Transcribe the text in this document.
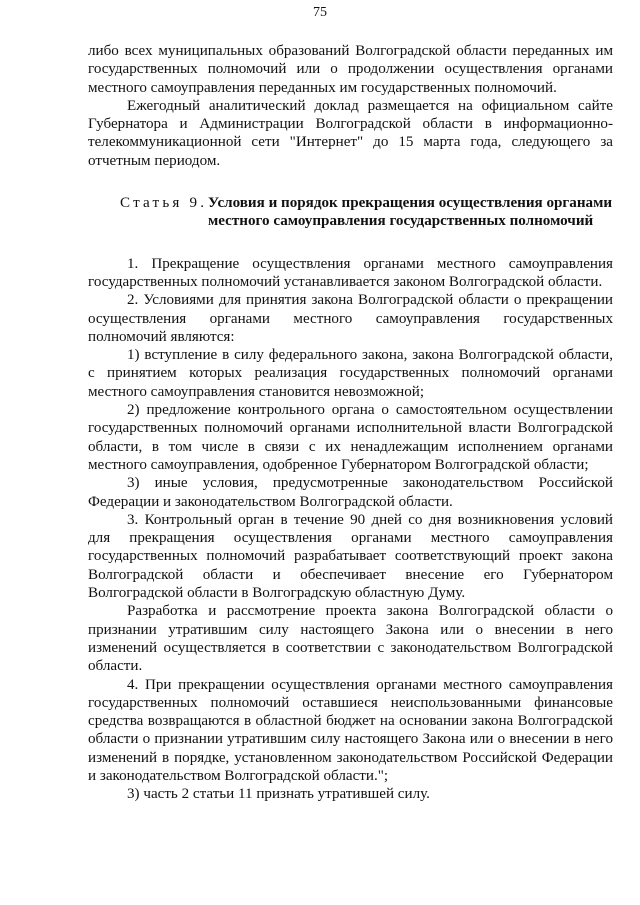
75

либо всех муниципальных образований Волгоградской области переданных им государственных полномочий или о продолжении осуществления органами местного самоуправления переданных им государственных полномочий.

Ежегодный аналитический доклад размещается на официальном сайте Губернатора и Администрации Волгоградской области в информационно-телекоммуникационной сети "Интернет" до 15 марта года, следующего за отчетным периодом.

Статья 9. Условия и порядок прекращения осуществления органами местного самоуправления государственных полномочий

1. Прекращение осуществления органами местного самоуправления государственных полномочий устанавливается законом Волгоградской области.

2. Условиями для принятия закона Волгоградской области о прекращении осуществления органами местного самоуправления государственных полномочий являются:

1) вступление в силу федерального закона, закона Волгоградской области, с принятием которых реализация государственных полномочий органами местного самоуправления становится невозможной;

2) предложение контрольного органа о самостоятельном осуществлении государственных полномочий органами исполнительной власти Волгоградской области, в том числе в связи с их ненадлежащим исполнением органами местного самоуправления, одобренное Губернатором Волгоградской области;

3) иные условия, предусмотренные законодательством Российской Федерации и законодательством Волгоградской области.

3. Контрольный орган в течение 90 дней со дня возникновения условий для прекращения осуществления органами местного самоуправления государственных полномочий разрабатывает соответствующий проект закона Волгоградской области и обеспечивает внесение его Губернатором Волгоградской области в Волгоградскую областную Думу.

Разработка и рассмотрение проекта закона Волгоградской области о признании утратившим силу настоящего Закона или о внесении в него изменений осуществляется в соответствии с законодательством Волгоградской области.

4. При прекращении осуществления органами местного самоуправления государственных полномочий оставшиеся неиспользованными финансовые средства возвращаются в областной бюджет на основании закона Волгоградской области о признании утратившим силу настоящего Закона или о внесении в него изменений в порядке, установленном законодательством Российской Федерации и законодательством Волгоградской области.";

3) часть 2 статьи 11 признать утратившей силу.
